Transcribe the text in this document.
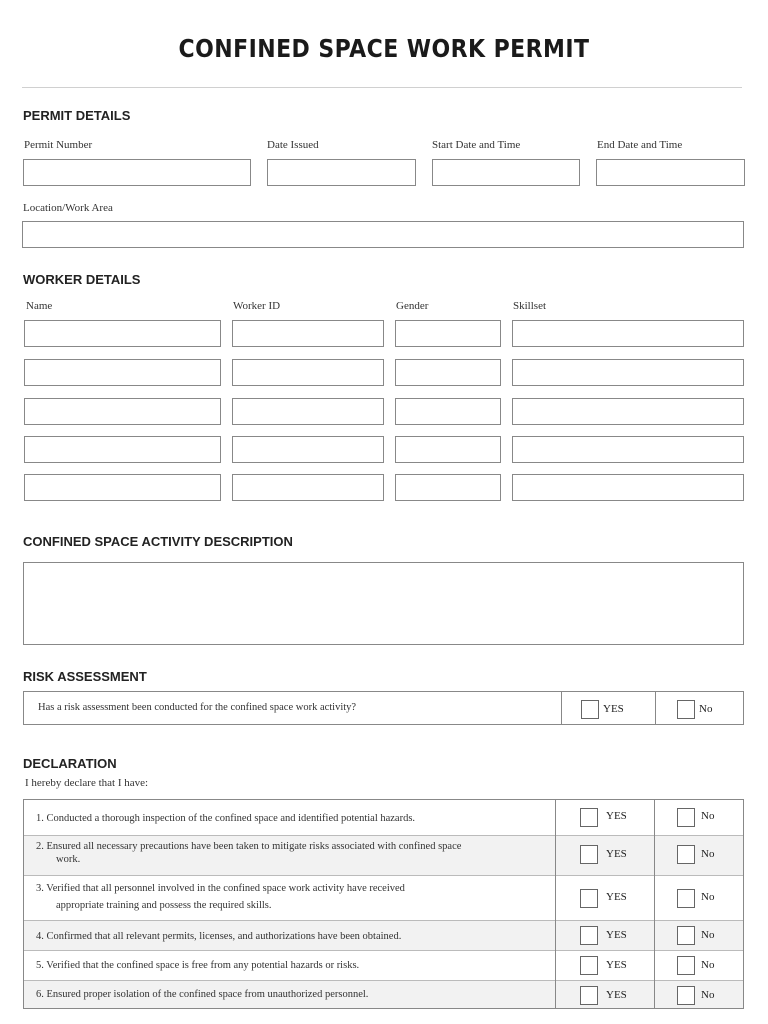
CONFINED SPACE WORK PERMIT
PERMIT DETAILS
Permit Number	Date Issued	Start Date and Time	End Date and Time
Location/Work Area
WORKER DETAILS
Name	Worker ID	Gender	Skillset
CONFINED SPACE ACTIVITY DESCRIPTION
RISK ASSESSMENT
Has a risk assessment been conducted for the confined space work activity?	YES	No
DECLARATION
I hereby declare that I have:
1. Conducted a thorough inspection of the confined space and identified potential hazards.	YES	No
2. Ensured all necessary precautions have been taken to mitigate risks associated with confined space
work.	YES	No
3. Verified that all personnel involved in the confined space work activity have received
appropriate training and possess the required skills.
YES	No
4. Confirmed that all relevant permits, licenses, and authorizations have been obtained.	YES	No
5. Verified that the confined space is free from any potential hazards or risks.	YES	No
6. Ensured proper isolation of the confined space from unauthorized personnel.	YES	No
